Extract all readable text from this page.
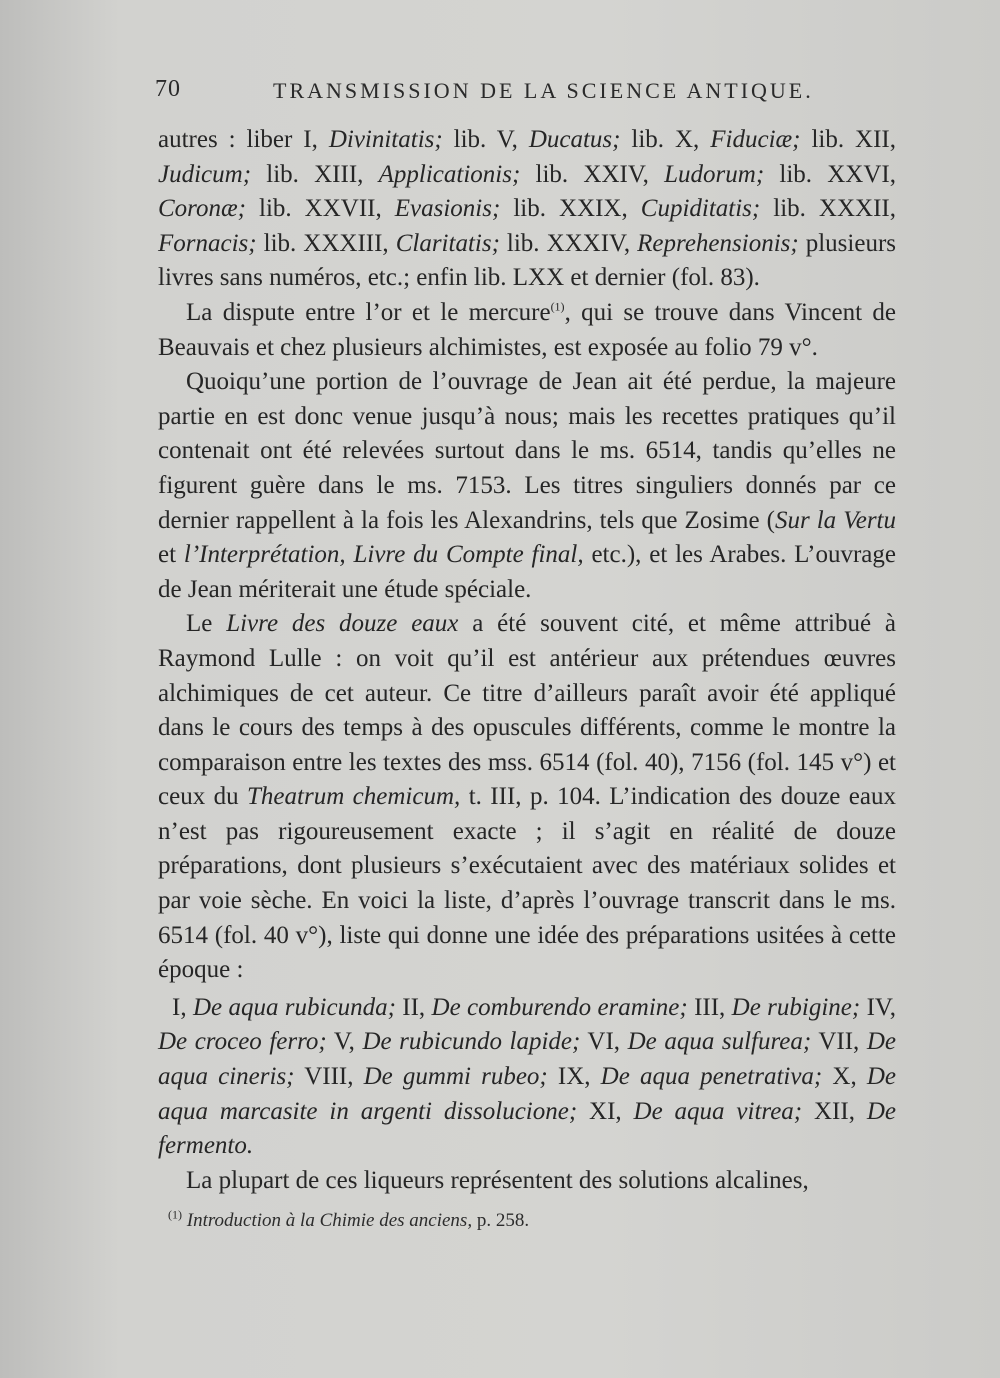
70	TRANSMISSION DE LA SCIENCE ANTIQUE.

autres : liber I, Divinitatis; lib. V, Ducatus; lib. X, Fiduciæ; lib. XII, Judicum; lib. XIII, Applicationis; lib. XXIV, Ludorum; lib. XXVI, Coronæ; lib. XXVII, Evasionis; lib. XXIX, Cupiditatis; lib. XXXII, Fornacis; lib. XXXIII, Claritatis; lib. XXXIV, Reprehensionis; plusieurs livres sans numéros, etc.; enfin lib. LXX et dernier (fol. 83).

La dispute entre l’or et le mercure$^{(1)}$, qui se trouve dans Vincent de Beauvais et chez plusieurs alchimistes, est exposée au folio 79 v°.

Quoiqu’une portion de l’ouvrage de Jean ait été perdue, la majeure partie en est donc venue jusqu’à nous; mais les recettes pratiques qu’il contenait ont été relevées surtout dans le ms. 6514, tandis qu’elles ne figurent guère dans le ms. 7153. Les titres singuliers donnés par ce dernier rappellent à la fois les Alexandrins, tels que Zosime (Sur la Vertu et l’Interprétation, Livre du Compte final, etc.), et les Arabes. L’ouvrage de Jean mériterait une étude spéciale.

Le Livre des douze eaux a été souvent cité, et même attribué à Raymond Lulle : on voit qu’il est antérieur aux prétendues œuvres alchimiques de cet auteur. Ce titre d’ailleurs paraît avoir été appliqué dans le cours des temps à des opuscules différents, comme le montre la comparaison entre les textes des mss. 6514 (fol. 40), 7156 (fol. 145 v°) et ceux du Theatrum chemicum, t. III, p. 104. L’indication des douze eaux n’est pas rigoureusement exacte ; il s’agit en réalité de douze préparations, dont plusieurs s’exécutaient avec des matériaux solides et par voie sèche. En voici la liste, d’après l’ouvrage transcrit dans le ms. 6514 (fol. 40 v°), liste qui donne une idée des préparations usitées à cette époque :

I, De aqua rubicunda; II, De comburendo eramine; III, De rubigine; IV, De croceo ferro; V, De rubicundo lapide; VI, De aqua sulfurea; VII, De aqua cineris; VIII, De gummi rubeo; IX, De aqua penetrativa; X, De aqua marcasite in argenti dissolucione; XI, De aqua vitrea; XII, De fermento.

La plupart de ces liqueurs représentent des solutions alcalines,

$^{(1)}$ Introduction à la Chimie des anciens, p. 258.
